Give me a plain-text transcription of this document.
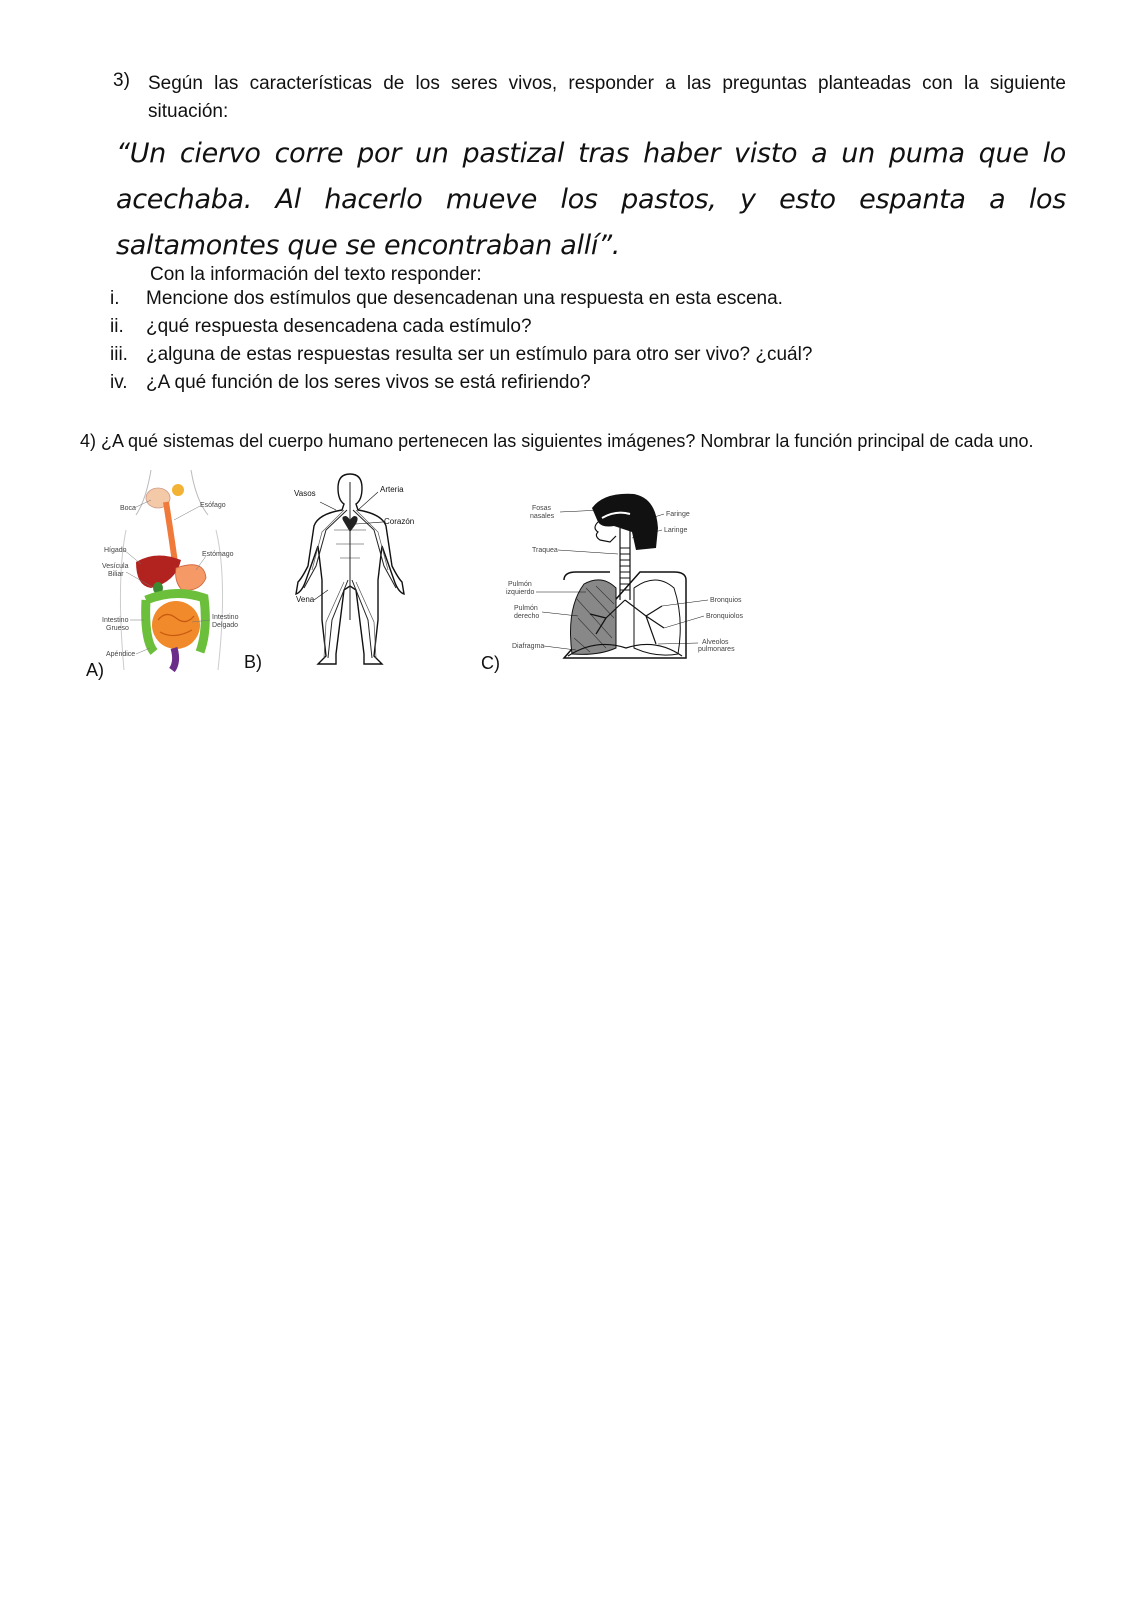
3) Según las características de los seres vivos, responder a las preguntas planteadas con la siguiente situación:
“Un ciervo corre por un pastizal tras haber visto a un puma que lo acechaba. Al hacerlo mueve los pastos, y esto espanta a los saltamontes que se encontraban allí”.
Con la información del texto responder:
i. Mencione dos estímulos que desencadenan una respuesta en esta escena.
ii. ¿qué respuesta desencadena cada estímulo?
iii. ¿alguna de estas respuestas resulta ser un estímulo para otro ser vivo? ¿cuál?
iv. ¿A qué función de los seres vivos se está refiriendo?
4) ¿A qué sistemas del cuerpo humano pertenecen las siguientes imágenes? Nombrar la función principal de cada uno.
A)
Boca	Esófago
Hígado
Estómago
Vesícula
Biliar
Intestino
Grueso
Intestino
Delgado
Apéndice	B)
Vasos	Arteria
Corazón
Vena
C)
Fosas
nasales	Faringe
Laringe
Traquea
Pulmón
izquierdo
Pulmón
derecho
Bronquios
Bronquiolos
Diafragma
Alveolos
pulmonares
